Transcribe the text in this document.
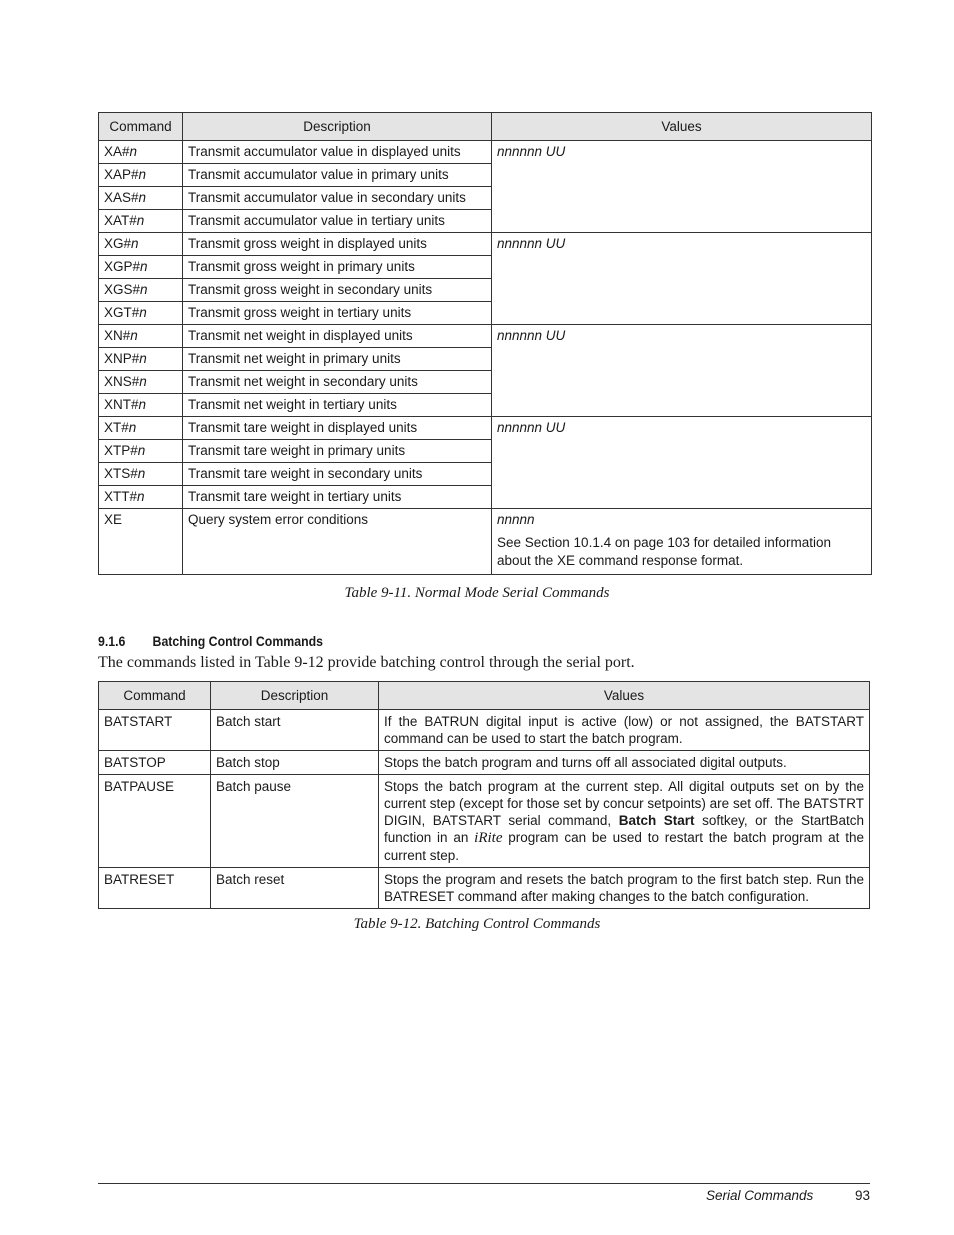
Command	Description	Values
XA#n	Transmit accumulator value in displayed units	nnnnnn UU
XAP#n	Transmit accumulator value in primary units	
XAS#n	Transmit accumulator value in secondary units	
XAT#n	Transmit accumulator value in tertiary units	
XG#n	Transmit gross weight in displayed units	nnnnnn UU
XGP#n	Transmit gross weight in primary units	
XGS#n	Transmit gross weight in secondary units	
XGT#n	Transmit gross weight in tertiary units	
XN#n	Transmit net weight in displayed units	nnnnnn UU
XNP#n	Transmit net weight in primary units	
XNS#n	Transmit net weight in secondary units	
XNT#n	Transmit net weight in tertiary units	
XT#n	Transmit tare weight in displayed units	nnnnnn UU
XTP#n	Transmit tare weight in primary units	
XTS#n	Transmit tare weight in secondary units	
XTT#n	Transmit tare weight in tertiary units	
XE	Query system error conditions	nnnnn

See Section 10.1.4 on page 103 for detailed information about the XE command response format.

Table 9-11. Normal Mode Serial Commands
9.1.6 Batching Control Commands
The commands listed in Table 9-12 provide batching control through the serial port.
Command	Description	Values
BATSTART	Batch start	If the BATRUN digital input is active (low) or not assigned, the BATSTART command can be used to start the batch program.
BATSTOP	Batch stop	Stops the batch program and turns off all associated digital outputs.
BATPAUSE	Batch pause	Stops the batch program at the current step. All digital outputs set on by the current step (except for those set by concur setpoints) are set off. The BATSTRT DIGIN, BATSTART serial command, Batch Start softkey, or the StartBatch function in an iRite program can be used to restart the batch program at the current step.
BATRESET	Batch reset	Stops the program and resets the batch program to the first batch step. Run the BATRESET command after making changes to the batch configuration.
Table 9-12. Batching Control Commands
Serial Commands	93
